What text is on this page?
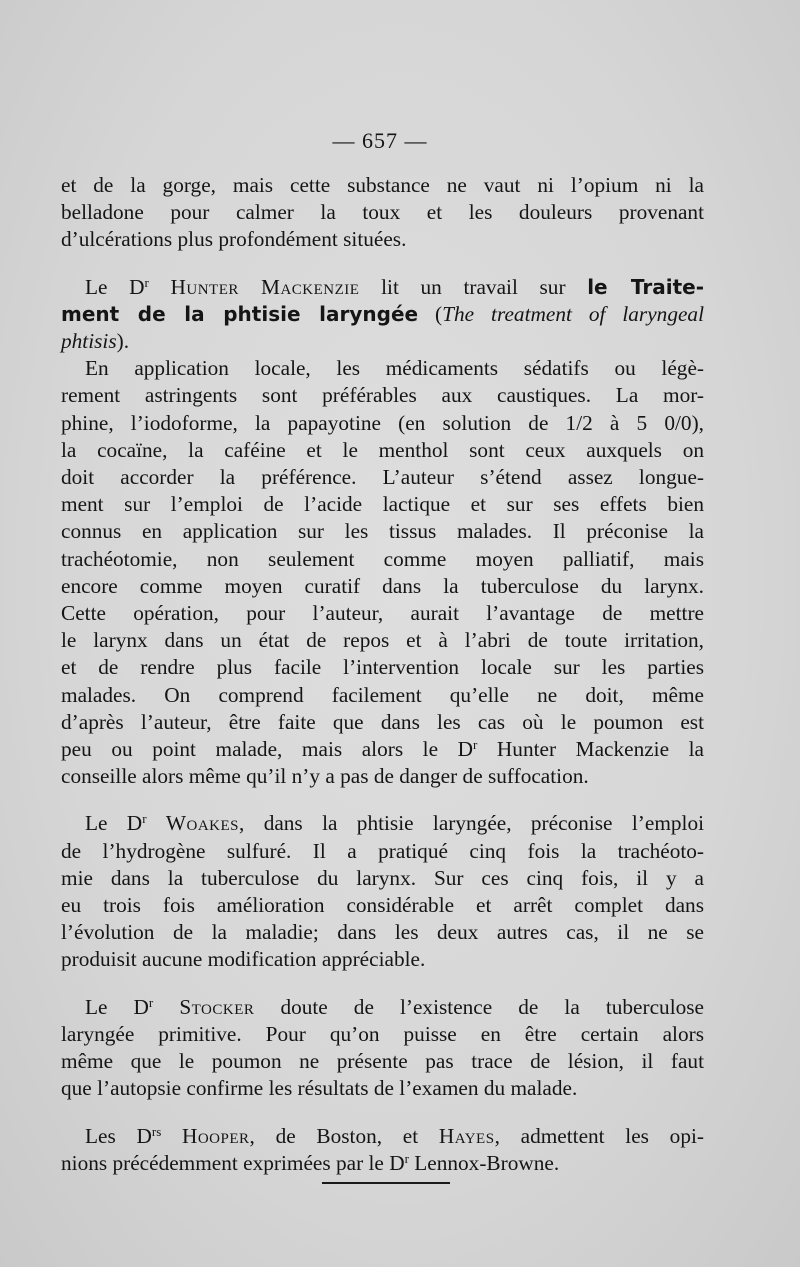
— 657 —
et de la gorge, mais cette substance ne vaut ni l’opium ni la
belladone pour calmer la toux et les douleurs provenant
d’ulcérations plus profondément situées.
Le $D^r$ Hunter Mackenzie lit un travail sur le Traite-
ment de la phtisie laryngée (The treatment of laryngeal
phtisis).
En application locale, les médicaments sédatifs ou légè-
rement astringents sont préférables aux caustiques. La mor-
phine, l’iodoforme, la papayotine (en solution de 1/2 à 5 0/0),
la cocaïne, la caféine et le menthol sont ceux auxquels on
doit accorder la préférence. L’auteur s’étend assez longue-
ment sur l’emploi de l’acide lactique et sur ses effets bien
connus en application sur les tissus malades. Il préconise la
trachéotomie, non seulement comme moyen palliatif, mais
encore comme moyen curatif dans la tuberculose du larynx.
Cette opération, pour l’auteur, aurait l’avantage de mettre
le larynx dans un état de repos et à l’abri de toute irritation,
et de rendre plus facile l’intervention locale sur les parties
malades. On comprend facilement qu’elle ne doit, même
d’après l’auteur, être faite que dans les cas où le poumon est
peu ou point malade, mais alors le $D^r$ Hunter Mackenzie la
conseille alors même qu’il n’y a pas de danger de suffocation.
Le $D^r$ Woakes, dans la phtisie laryngée, préconise l’emploi
de l’hydrogène sulfuré. Il a pratiqué cinq fois la trachéoto-
mie dans la tuberculose du larynx. Sur ces cinq fois, il y a
eu trois fois amélioration considérable et arrêt complet dans
l’évolution de la maladie; dans les deux autres cas, il ne se
produisit aucune modification appréciable.
Le $D^r$ Stocker doute de l’existence de la tuberculose
laryngée primitive. Pour qu’on puisse en être certain alors
même que le poumon ne présente pas trace de lésion, il faut
que l’autopsie confirme les résultats de l’examen du malade.
Les $D^{rs}$ Hooper, de Boston, et Hayes, admettent les opi-
nions précédemment exprimées par le $D^r$ Lennox-Browne.
